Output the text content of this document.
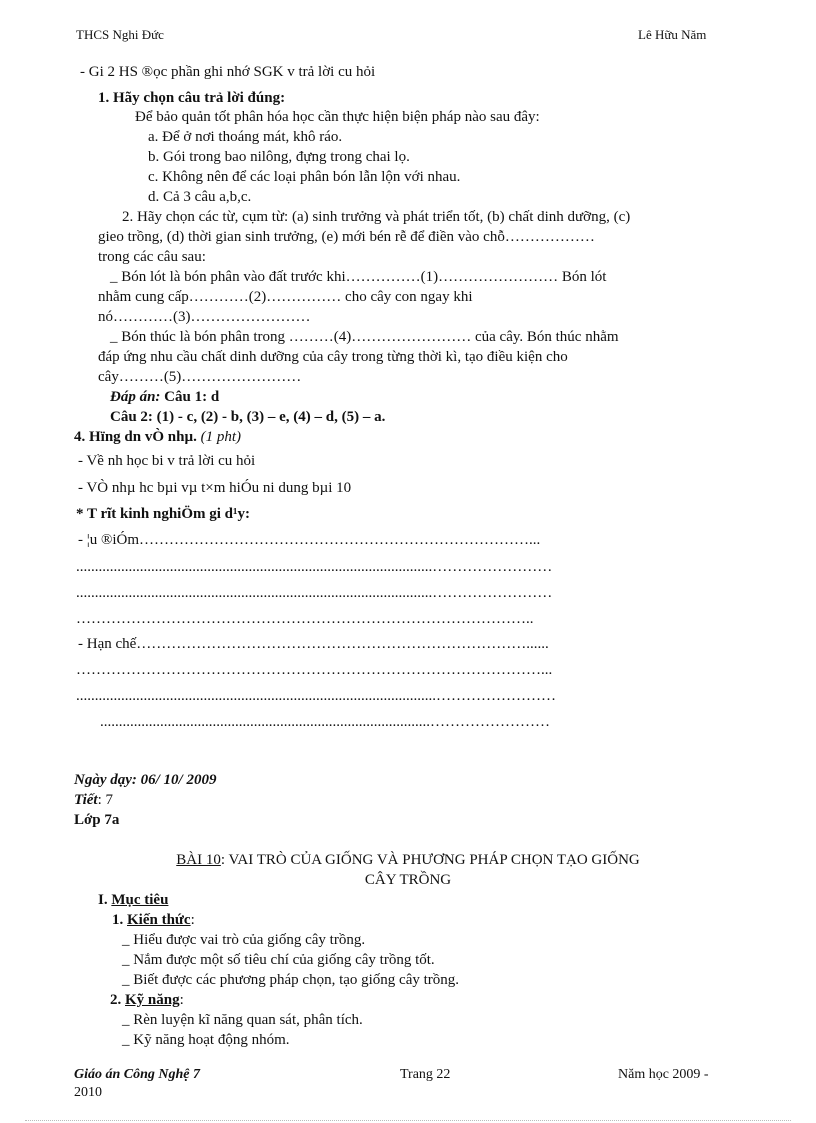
THCS Nghi Đức	Lê Hữu Năm
- Gi 2 HS ®ọc phần ghi nhớ SGK v trả lời cu hỏi
1. Hãy chọn câu trả lời đúng:
Để bảo quản tốt phân hóa học cần thực hiện biện pháp nào sau đây:
a. Để ở nơi thoáng mát, khô ráo.
b. Gói trong bao nilông, đựng trong chai lọ.
c. Không nên để các loại phân bón lẫn lộn với nhau.
d. Cả 3 câu a,b,c.
2. Hãy chọn các từ, cụm từ: (a) sinh trưởng và phát triển tốt, (b) chất dinh dưỡng, (c)
gieo trồng, (d) thời gian sinh trưởng, (e) mới bén rễ để điền vào chỗ………………
trong các câu sau:
_ Bón lót là bón phân vào đất trước khi……………(1)…………………… Bón lót
nhằm cung cấp…………(2)…………… cho cây con ngay khi
nó…………(3)……………………
_ Bón thúc là bón phân trong ………(4)…………………… của cây. Bón thúc nhằm
đáp ứng nhu cầu chất dinh dưỡng của cây trong từng thời kì, tạo điều kiện cho
cây………(5)……………………
Đáp án: Câu 1: d
Câu 2: (1) - c, (2) - b, (3) – e, (4) – d, (5) – a.
4. Hïng dn vÒ nhµ. (1 pht)
- Về nh học bi v trả lời cu hỏi
- VÒ nhµ hc bµi vµ t×m hiÓu ni dung bµi 10
* T rĩt kinh nghiÖm gi d¹y:
- ¦u ®iÓm……………………………………………………………………...
...............................................................................................……………………
...............................................................................................……………………
………………………………………………………………………………..
- Hạn chế……………………………………………………………………......
…………………………………………………………………………………...
................................................................................................……………………
........................................................................................……………………
Ngày dạy: 06/ 10/ 2009
Tiết: 7
Lớp 7a
BÀI 10: VAI TRÒ CỦA GIỐNG VÀ PHƯƠNG PHÁP CHỌN TẠO GIỐNG
CÂY TRỒNG
I. Mục tiêu
1. Kiến thức:
_ Hiểu được vai trò của giống cây trồng.
_ Nắm được một số tiêu chí của giống cây trồng tốt.
_ Biết được các phương pháp chọn, tạo giống cây trồng.
2. Kỹ năng:
_ Rèn luyện kĩ năng quan sát, phân tích.
_ Kỹ năng hoạt động nhóm.
Giáo án Công Nghệ 7	Trang 22	Năm học 2009 -
2010
